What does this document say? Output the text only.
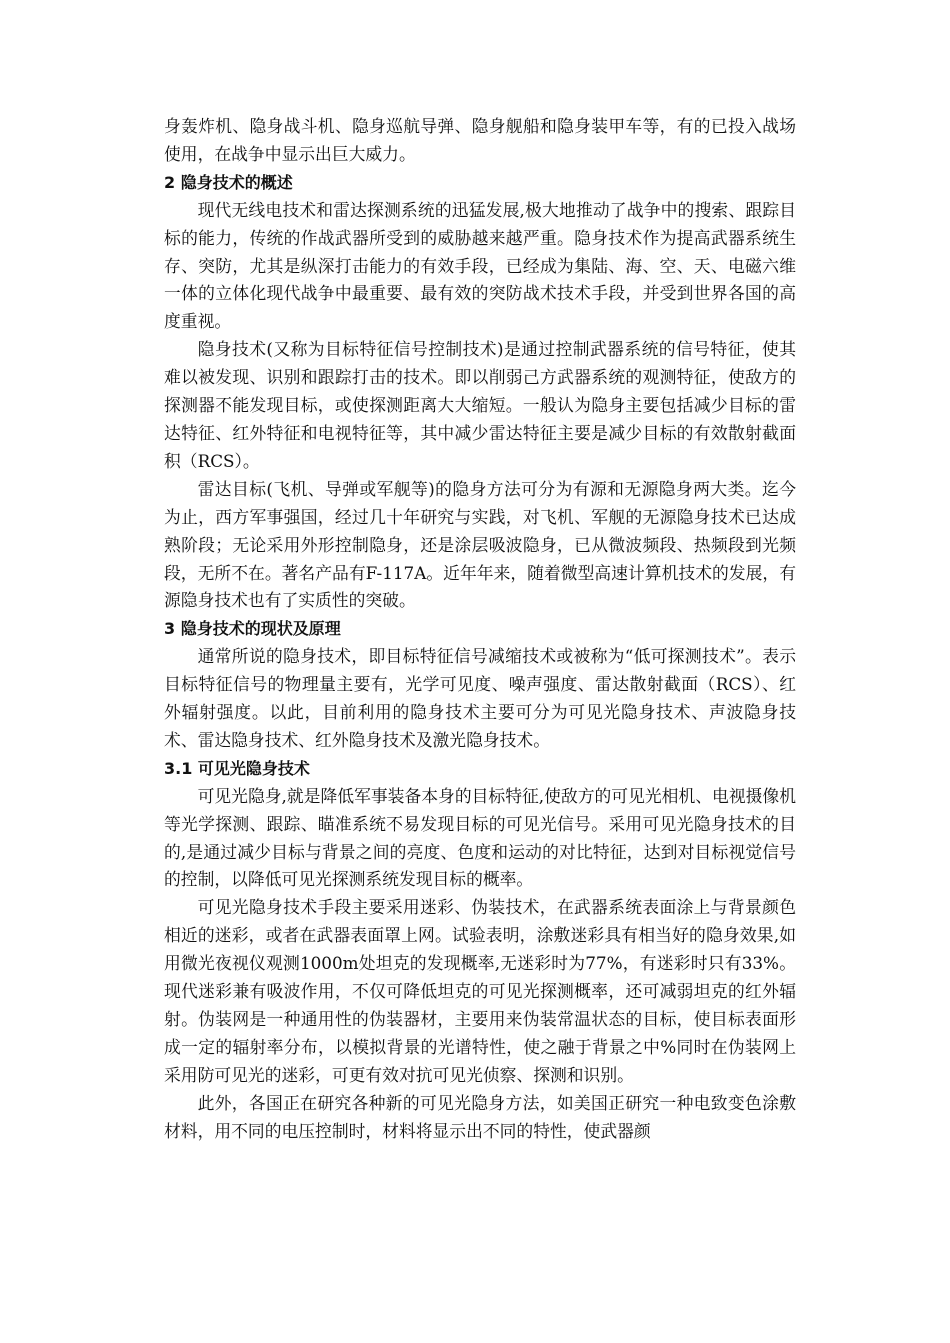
身轰炸机、隐身战斗机、隐身巡航导弹、隐身舰船和隐身装甲车等，有的已投入战场使用，在战争中显示出巨大威力。

2 隐身技术的概述

现代无线电技术和雷达探测系统的迅猛发展,极大地推动了战争中的搜索、跟踪目标的能力，传统的作战武器所受到的威胁越来越严重。隐身技术作为提高武器系统生存、突防，尤其是纵深打击能力的有效手段，已经成为集陆、海、空、天、电磁六维一体的立体化现代战争中最重要、最有效的突防战术技术手段，并受到世界各国的高度重视。

隐身技术(又称为目标特征信号控制技术)是通过控制武器系统的信号特征，使其难以被发现、识别和跟踪打击的技术。即以削弱己方武器系统的观测特征，使敌方的探测器不能发现目标，或使探测距离大大缩短。一般认为隐身主要包括减少目标的雷达特征、红外特征和电视特征等，其中减少雷达特征主要是减少目标的有效散射截面积（RCS）。

雷达目标(飞机、导弹或军舰等)的隐身方法可分为有源和无源隐身两大类。迄今为止，西方军事强国，经过几十年研究与实践，对飞机、军舰的无源隐身技术已达成熟阶段；无论采用外形控制隐身，还是涂层吸波隐身，已从微波频段、热频段到光频段，无所不在。著名产品有F-117A。近年年来，随着微型高速计算机技术的发展，有源隐身技术也有了实质性的突破。

3 隐身技术的现状及原理

通常所说的隐身技术，即目标特征信号减缩技术或被称为“低可探测技术”。表示目标特征信号的物理量主要有，光学可见度、噪声强度、雷达散射截面（RCS）、红外辐射强度。以此，目前利用的隐身技术主要可分为可见光隐身技术、声波隐身技术、雷达隐身技术、红外隐身技术及激光隐身技术。

3.1 可见光隐身技术

可见光隐身,就是降低军事装备本身的目标特征,使敌方的可见光相机、电视摄像机等光学探测、跟踪、瞄准系统不易发现目标的可见光信号。采用可见光隐身技术的目的,是通过减少目标与背景之间的亮度、色度和运动的对比特征，达到对目标视觉信号的控制，以降低可见光探测系统发现目标的概率。

可见光隐身技术手段主要采用迷彩、伪装技术，在武器系统表面涂上与背景颜色相近的迷彩，或者在武器表面罩上网。试验表明，涂敷迷彩具有相当好的隐身效果,如用微光夜视仪观测1000m处坦克的发现概率,无迷彩时为77%，有迷彩时只有33%。现代迷彩兼有吸波作用，不仅可降低坦克的可见光探测概率，还可减弱坦克的红外辐射。伪装网是一种通用性的伪装器材，主要用来伪装常温状态的目标，使目标表面形成一定的辐射率分布，以模拟背景的光谱特性，使之融于背景之中%同时在伪装网上采用防可见光的迷彩，可更有效对抗可见光侦察、探测和识别。

此外，各国正在研究各种新的可见光隐身方法，如美国正研究一种电致变色涂敷材料，用不同的电压控制时，材料将显示出不同的特性，使武器颜
